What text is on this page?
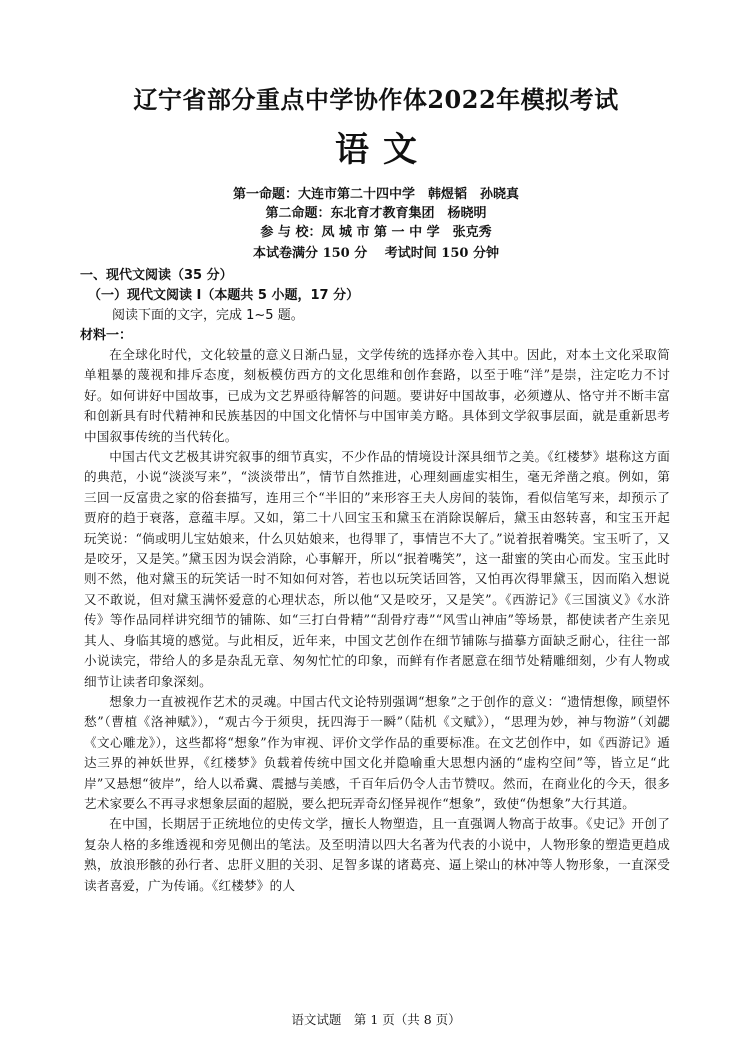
辽宁省部分重点中学协作体2022年模拟考试
语文
第一命题：大连市第二十四中学　韩煜韬　孙晓真
第二命题：东北育才教育集团　杨晓明
参 与 校：凤 城 市 第 一 中 学　张克秀
本试卷满分 150 分　 考试时间 150 分钟
一、现代文阅读（35 分）
（一）现代文阅读 I（本题共 5 小题，17 分）
阅读下面的文字，完成 1~5 题。
材料一：

在全球化时代，文化较量的意义日渐凸显，文学传统的选择亦卷入其中。因此，对本土文化采取简单粗暴的蔑视和排斥态度，刻板模仿西方的文化思维和创作套路，以至于唯“洋”是崇，注定吃力不讨好。如何讲好中国故事，已成为文艺界亟待解答的问题。要讲好中国故事，必须遵从、恪守并不断丰富和创新具有时代精神和民族基因的中国文化情怀与中国审美方略。具体到文学叙事层面，就是重新思考中国叙事传统的当代转化。

中国古代文艺极其讲究叙事的细节真实，不少作品的情境设计深具细节之美。《红楼梦》堪称这方面的典范，小说“淡淡写来”，“淡淡带出”，情节自然推进，心理刻画虚实相生，毫无斧凿之痕。例如，第三回一反富贵之家的俗套描写，连用三个“半旧的”来形容王夫人房间的装饰，看似信笔写来，却预示了贾府的趋于衰落，意蕴丰厚。又如，第二十八回宝玉和黛玉在消除误解后，黛玉由怒转喜，和宝玉开起玩笑说：“倘或明儿宝姑娘来，什么贝姑娘来，也得罪了，事情岂不大了。”说着抿着嘴笑。宝玉听了，又是咬牙，又是笑。”黛玉因为误会消除，心事解开，所以“抿着嘴笑”，这一甜蜜的笑由心而发。宝玉此时则不然，他对黛玉的玩笑话一时不知如何对答，若也以玩笑话回答，又怕再次得罪黛玉，因而陷入想说又不敢说，但对黛玉满怀爱意的心理状态，所以他“又是咬牙，又是笑”。《西游记》《三国演义》《水浒传》等作品同样讲究细节的铺陈、如“三打白骨精”“刮骨疗毒”“风雪山神庙”等场景，都使读者产生亲见其人、身临其境的感觉。与此相反，近年来，中国文艺创作在细节铺陈与描摹方面缺乏耐心，往往一部小说读完，带给人的多是杂乱无章、匆匆忙忙的印象，而鲜有作者愿意在细节处精雕细刻，少有人物或细节让读者印象深刻。

想象力一直被视作艺术的灵魂。中国古代文论特别强调“想象”之于创作的意义：“遗情想像，顾望怀愁”（曹植《洛神赋》），“观古今于须臾，抚四海于一瞬”（陆机《文赋》），“思理为妙，神与物游”（刘勰《文心雕龙》），这些都将“想象”作为审视、评价文学作品的重要标准。在文艺创作中，如《西游记》遁达三界的神妖世界，《红楼梦》负载着传统中国文化并隐喻重大思想内涵的“虚构空间”等，皆立足“此岸”又悬想“彼岸”，给人以希冀、震撼与美感，千百年后仍令人击节赞叹。然而，在商业化的今天，很多艺术家要么不再寻求想象层面的超脱，要么把玩弄奇幻怪异视作“想象”，致使“伪想象”大行其道。

在中国，长期居于正统地位的史传文学，擅长人物塑造，且一直强调人物高于故事。《史记》开创了复杂人格的多维透视和旁见侧出的笔法。及至明清以四大名著为代表的小说中，人物形象的塑造更趋成熟，放浪形骸的孙行者、忠肝义胆的关羽、足智多谋的诸葛亮、逼上梁山的林冲等人物形象，一直深受读者喜爱，广为传诵。《红楼梦》的人

语文试题　第 1 页（共 8 页）
